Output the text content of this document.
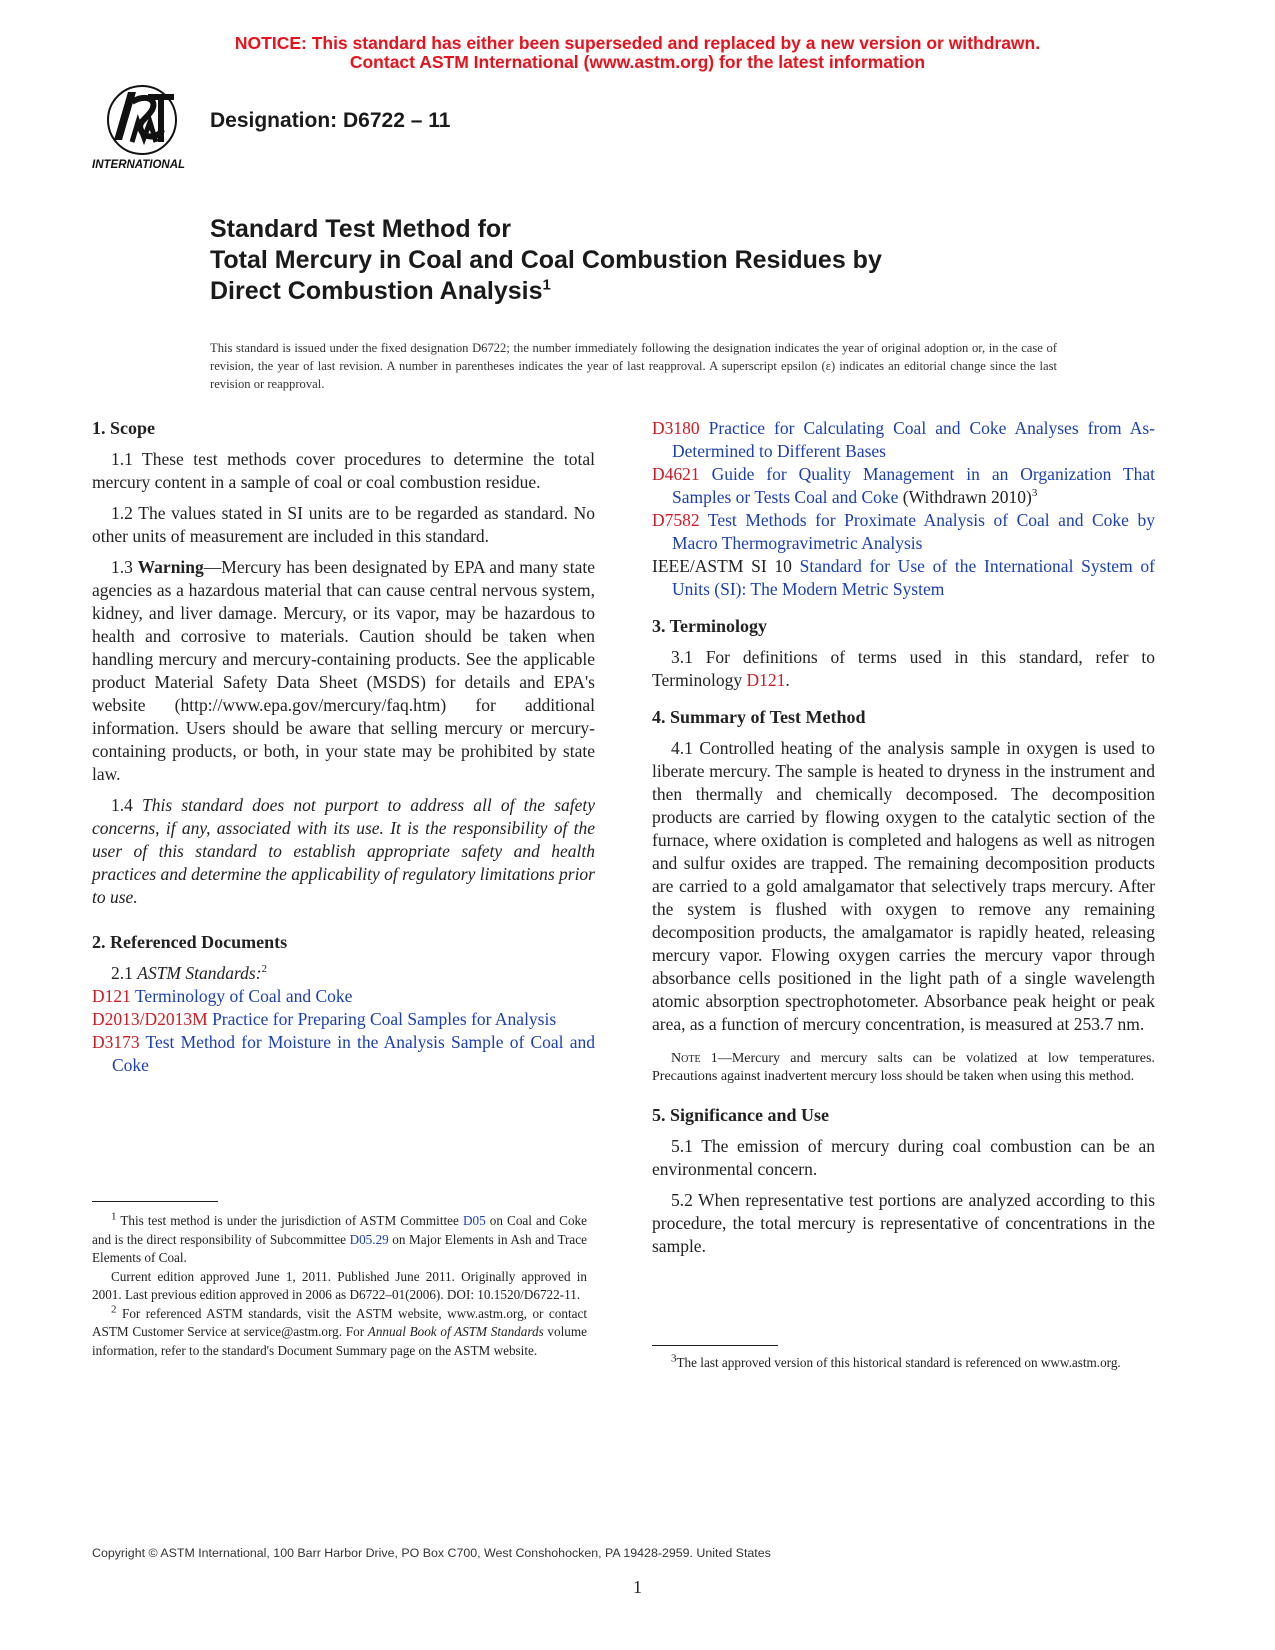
NOTICE: This standard has either been superseded and replaced by a new version or withdrawn.
Contact ASTM International (www.astm.org) for the latest information
INTERNATIONAL
Designation: D6722 – 11
Standard Test Method for
Total Mercury in Coal and Coal Combustion Residues by
Direct Combustion Analysis$^1$
This standard is issued under the fixed designation D6722; the number immediately following the designation indicates the year of original adoption or, in the case of revision, the year of last revision. A number in parentheses indicates the year of last reapproval. A superscript epsilon (ε) indicates an editorial change since the last revision or reapproval.

1. Scope

1.1 These test methods cover procedures to determine the total mercury content in a sample of coal or coal combustion residue.

1.2 The values stated in SI units are to be regarded as standard. No other units of measurement are included in this standard.

1.3 Warning—Mercury has been designated by EPA and many state agencies as a hazardous material that can cause central nervous system, kidney, and liver damage. Mercury, or its vapor, may be hazardous to health and corrosive to materials. Caution should be taken when handling mercury and mercury-containing products. See the applicable product Material Safety Data Sheet (MSDS) for details and EPA's website (http://www.epa.gov/mercury/faq.htm) for additional information. Users should be aware that selling mercury or mercury-containing products, or both, in your state may be prohibited by state law.

1.4 This standard does not purport to address all of the safety concerns, if any, associated with its use. It is the responsibility of the user of this standard to establish appropriate safety and health practices and determine the applicability of regulatory limitations prior to use.

2. Referenced Documents

2.1 ASTM Standards:$^2$

D121 Terminology of Coal and Coke

D2013/D2013M Practice for Preparing Coal Samples for Analysis

D3173 Test Method for Moisture in the Analysis Sample of Coal and Coke

$^1$ This test method is under the jurisdiction of ASTM Committee D05 on Coal and Coke and is the direct responsibility of Subcommittee D05.29 on Major Elements in Ash and Trace Elements of Coal.

Current edition approved June 1, 2011. Published June 2011. Originally approved in 2001. Last previous edition approved in 2006 as D6722–01(2006). DOI: 10.1520/D6722-11.

$^2$ For referenced ASTM standards, visit the ASTM website, www.astm.org, or contact ASTM Customer Service at service@astm.org. For Annual Book of ASTM Standards volume information, refer to the standard's Document Summary page on the ASTM website.

D3180 Practice for Calculating Coal and Coke Analyses from As-Determined to Different Bases

D4621 Guide for Quality Management in an Organization That Samples or Tests Coal and Coke (Withdrawn 2010)$^3$

D7582 Test Methods for Proximate Analysis of Coal and Coke by Macro Thermogravimetric Analysis

IEEE/ASTM SI 10 Standard for Use of the International System of Units (SI): The Modern Metric System

3. Terminology

3.1 For definitions of terms used in this standard, refer to Terminology D121.

4. Summary of Test Method

4.1 Controlled heating of the analysis sample in oxygen is used to liberate mercury. The sample is heated to dryness in the instrument and then thermally and chemically decomposed. The decomposition products are carried by flowing oxygen to the catalytic section of the furnace, where oxidation is completed and halogens as well as nitrogen and sulfur oxides are trapped. The remaining decomposition products are carried to a gold amalgamator that selectively traps mercury. After the system is flushed with oxygen to remove any remaining decomposition products, the amalgamator is rapidly heated, releasing mercury vapor. Flowing oxygen carries the mercury vapor through absorbance cells positioned in the light path of a single wavelength atomic absorption spectrophotometer. Absorbance peak height or peak area, as a function of mercury concentration, is measured at 253.7 nm.

Note 1—Mercury and mercury salts can be volatized at low temperatures. Precautions against inadvertent mercury loss should be taken when using this method.

5. Significance and Use

5.1 The emission of mercury during coal combustion can be an environmental concern.

5.2 When representative test portions are analyzed according to this procedure, the total mercury is representative of concentrations in the sample.

$^3$The last approved version of this historical standard is referenced on www.astm.org.

Copyright © ASTM International, 100 Barr Harbor Drive, PO Box C700, West Conshohocken, PA 19428-2959. United States
1
